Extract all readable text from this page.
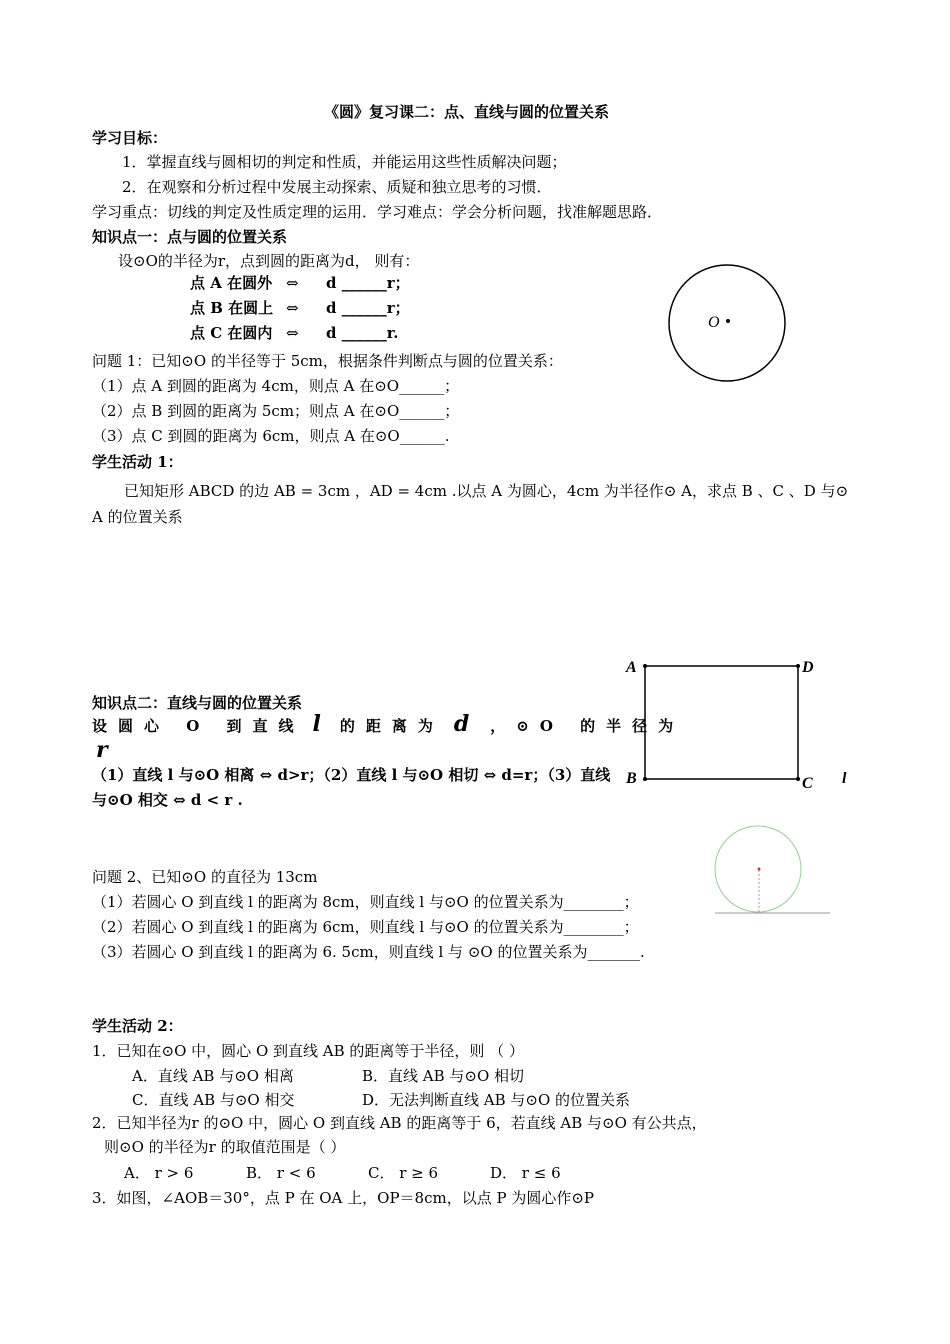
《圆》复习课二：点、直线与圆的位置关系
学习目标：
1．掌握直线与圆相切的判定和性质，并能运用这些性质解决问题；
2．在观察和分析过程中发展主动探索、质疑和独立思考的习惯．
学习重点：切线的判定及性质定理的运用．学习难点：学会分析问题，找准解题思路．
知识点一：点与圆的位置关系
设⊙O的半径为r，点到圆的距离为d， 则有：
点 A 在圆外 ⇔ d ______r；
点 B 在圆上 ⇔ d ______r；
点 C 在圆内 ⇔ d ______r.
O
问题 1：已知⊙O 的半径等于 5cm，根据条件判断点与圆的位置关系：
（1）点 A 到圆的距离为 4cm，则点 A 在⊙O______；
（2）点 B 到圆的距离为 5cm；则点 A 在⊙O______；
（3）点 C 到圆的距离为 6cm，则点 A 在⊙O______.
学生活动 1：
已知矩形 ABCD 的边 AB = 3cm ，AD = 4cm .以点 A 为圆心，4cm 为半径作⊙ A，求点 B 、C 、D 与⊙
A 的位置关系
A	D
B	C l
知识点二：直线与圆的位置关系
设圆心 O 到直线 l 的距离为 d ，⊙O 的半径为
r
（1）直线 l 与⊙O 相离 ⇔ d>r；（2）直线 l 与⊙O 相切 ⇔ d=r；（3）直线
与⊙O 相交 ⇔ d < r .
问题 2、已知⊙O 的直径为 13cm
（1）若圆心 O 到直线 l 的距离为 8cm，则直线 l 与⊙O 的位置关系为________；
（2）若圆心 O 到直线 l 的距离为 6cm，则直线 l 与⊙O 的位置关系为________；
（3）若圆心 O 到直线 l 的距离为 6. 5cm，则直线 l 与 ⊙O 的位置关系为_______.
学生活动 2：
1．已知在⊙O 中，圆心 O 到直线 AB 的距离等于半径，则 （ ）
A．直线 AB 与⊙O 相离	B．直线 AB 与⊙O 相切
C．直线 AB 与⊙O 相交	D．无法判断直线 AB 与⊙O 的位置关系
2．已知半径为r 的⊙O 中，圆心 O 到直线 AB 的距离等于 6，若直线 AB 与⊙O 有公共点，
则⊙O 的半径为r 的取值范围是（ ）
A． r > 6	B． r < 6	C． r ≥ 6	D． r ≤ 6
3．如图，∠AOB＝30°，点 P 在 OA 上，OP＝8cm，以点 P 为圆心作⊙P
